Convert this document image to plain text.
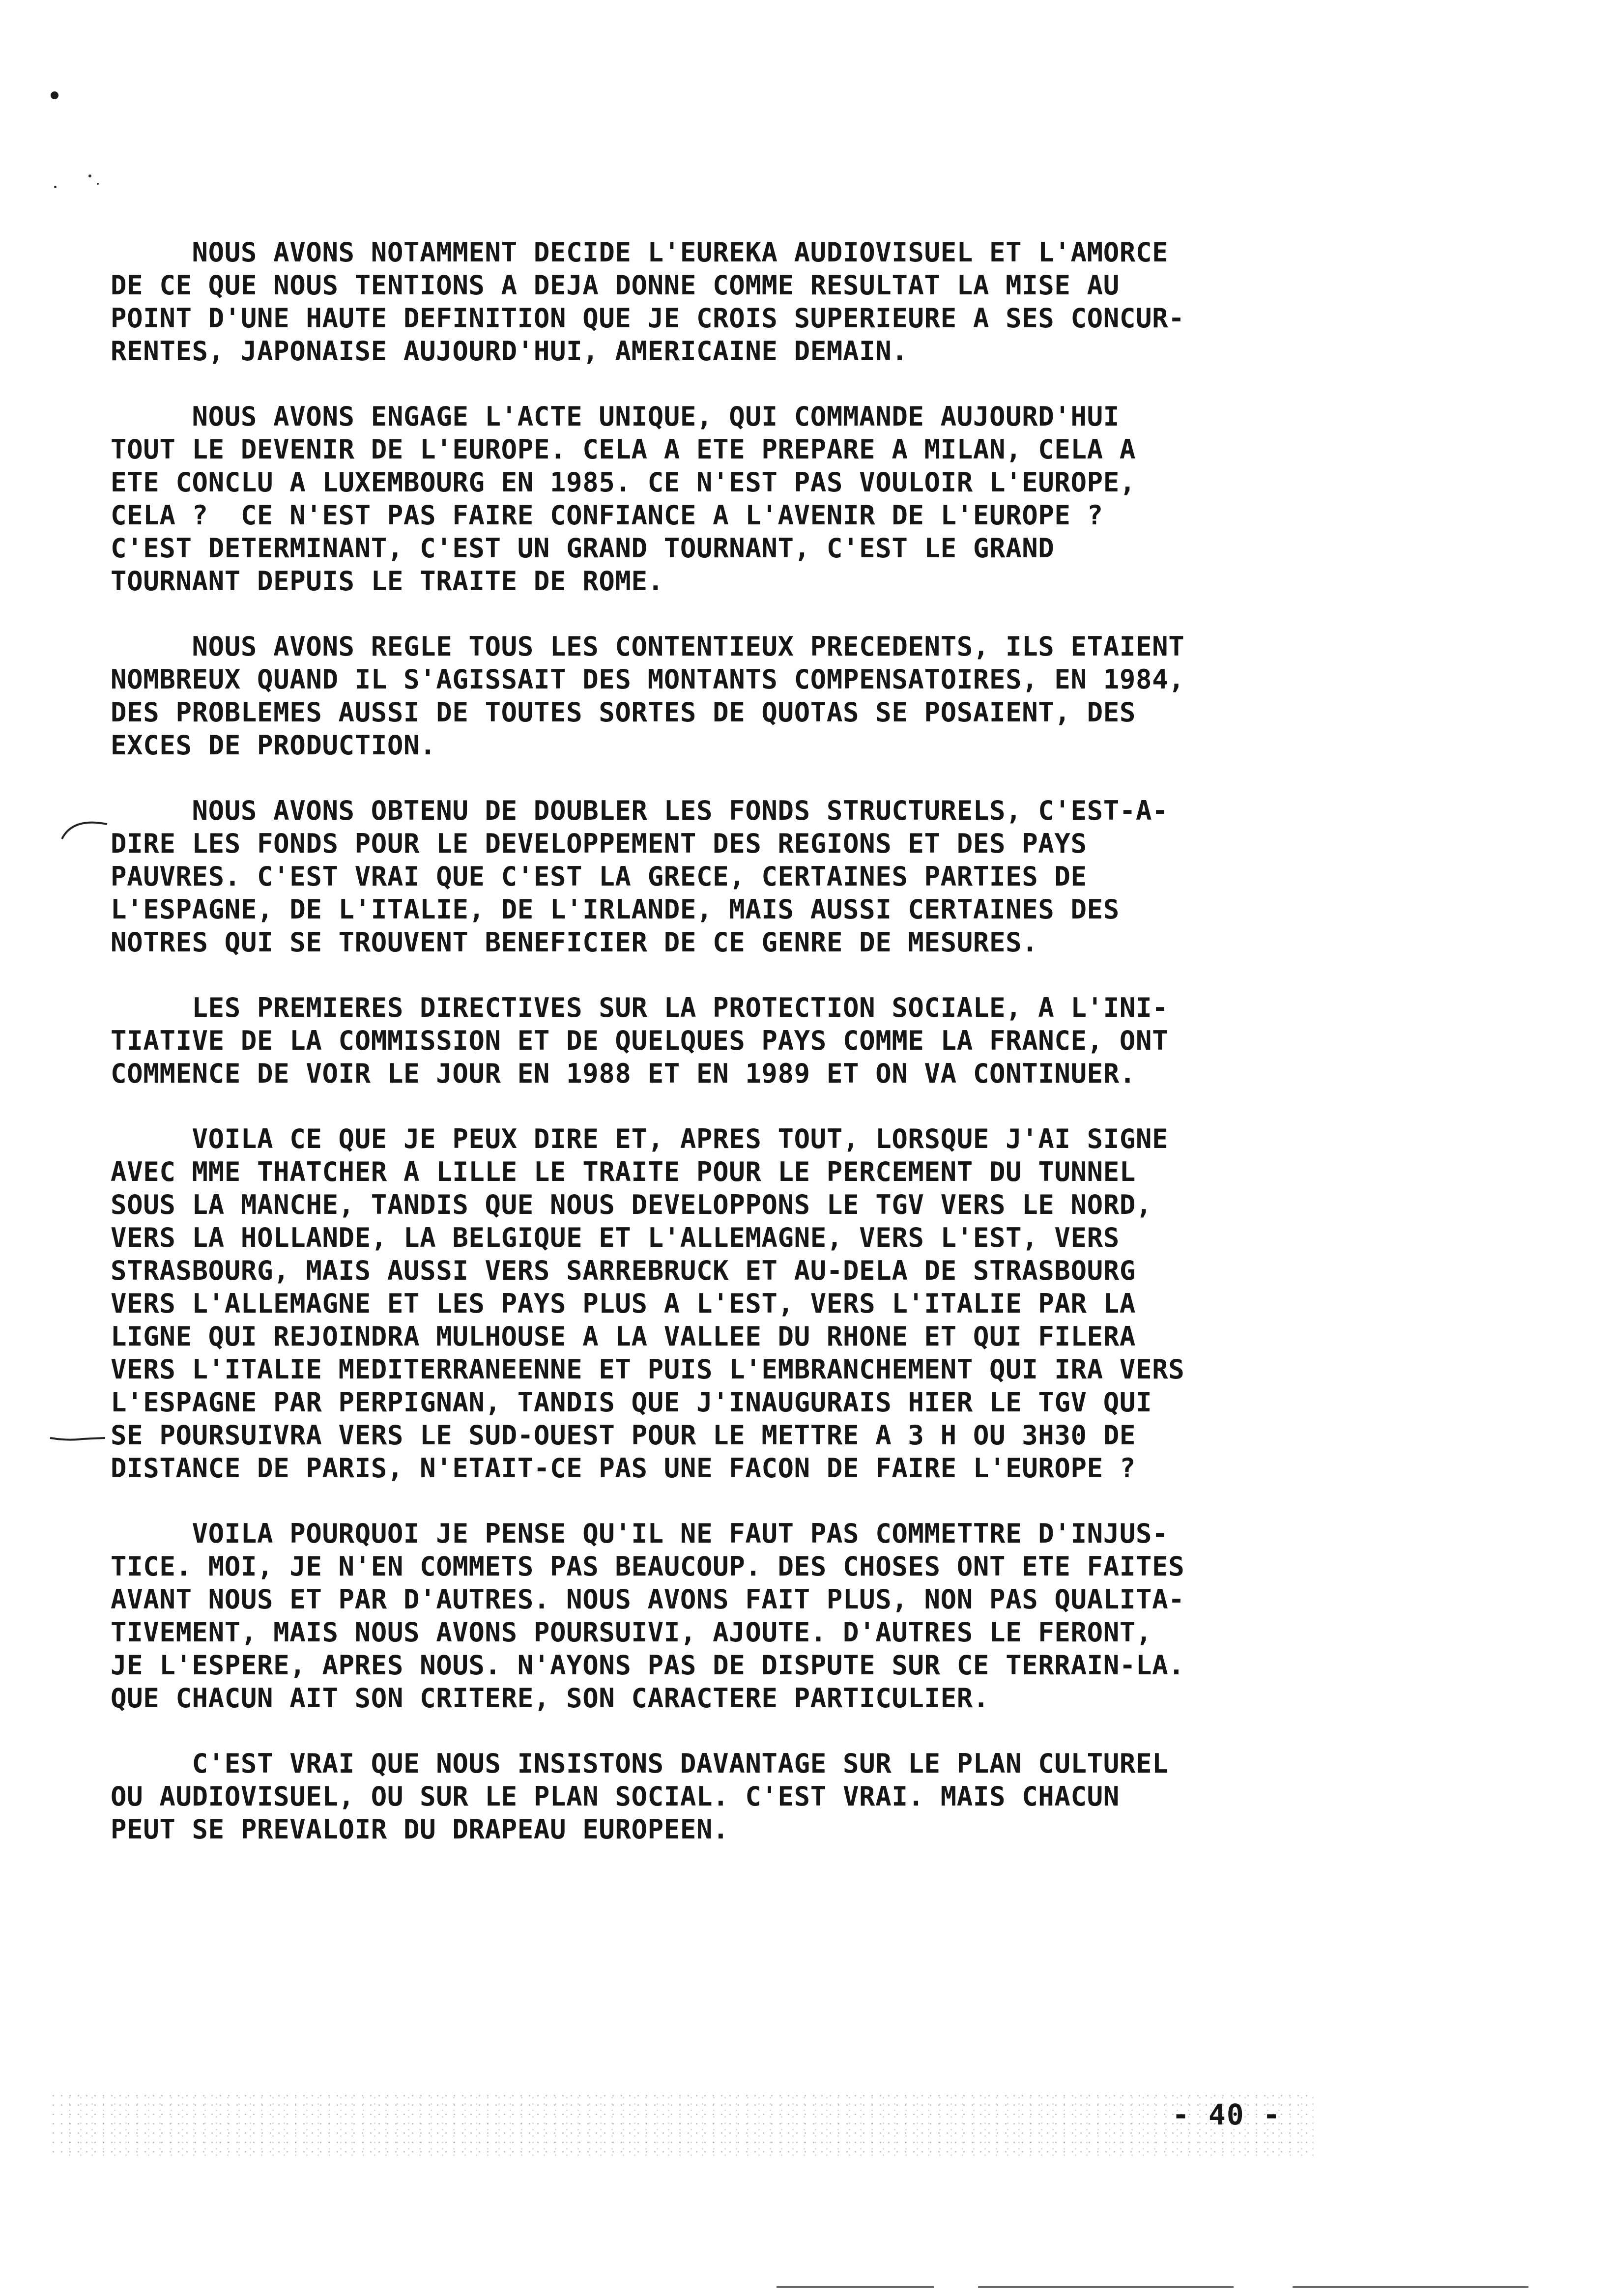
NOUS AVONS NOTAMMENT DECIDE L'EUREKA AUDIOVISUEL ET L'AMORCE
DE CE QUE NOUS TENTIONS A DEJA DONNE COMME RESULTAT LA MISE AU
POINT D'UNE HAUTE DEFINITION QUE JE CROIS SUPERIEURE A SES CONCUR-
RENTES, JAPONAISE AUJOURD'HUI, AMERICAINE DEMAIN.
NOUS AVONS ENGAGE L'ACTE UNIQUE, QUI COMMANDE AUJOURD'HUI
TOUT LE DEVENIR DE L'EUROPE. CELA A ETE PREPARE A MILAN, CELA A
ETE CONCLU A LUXEMBOURG EN 1985. CE N'EST PAS VOULOIR L'EUROPE,
CELA ?  CE N'EST PAS FAIRE CONFIANCE A L'AVENIR DE L'EUROPE ?
C'EST DETERMINANT, C'EST UN GRAND TOURNANT, C'EST LE GRAND
TOURNANT DEPUIS LE TRAITE DE ROME.
NOUS AVONS REGLE TOUS LES CONTENTIEUX PRECEDENTS, ILS ETAIENT
NOMBREUX QUAND IL S'AGISSAIT DES MONTANTS COMPENSATOIRES, EN 1984,
DES PROBLEMES AUSSI DE TOUTES SORTES DE QUOTAS SE POSAIENT, DES
EXCES DE PRODUCTION.
NOUS AVONS OBTENU DE DOUBLER LES FONDS STRUCTURELS, C'EST-A-
DIRE LES FONDS POUR LE DEVELOPPEMENT DES REGIONS ET DES PAYS
PAUVRES. C'EST VRAI QUE C'EST LA GRECE, CERTAINES PARTIES DE
L'ESPAGNE, DE L'ITALIE, DE L'IRLANDE, MAIS AUSSI CERTAINES DES
NOTRES QUI SE TROUVENT BENEFICIER DE CE GENRE DE MESURES.
LES PREMIERES DIRECTIVES SUR LA PROTECTION SOCIALE, A L'INI-
TIATIVE DE LA COMMISSION ET DE QUELQUES PAYS COMME LA FRANCE, ONT
COMMENCE DE VOIR LE JOUR EN 1988 ET EN 1989 ET ON VA CONTINUER.
VOILA CE QUE JE PEUX DIRE ET, APRES TOUT, LORSQUE J'AI SIGNE
AVEC MME THATCHER A LILLE LE TRAITE POUR LE PERCEMENT DU TUNNEL
SOUS LA MANCHE, TANDIS QUE NOUS DEVELOPPONS LE TGV VERS LE NORD,
VERS LA HOLLANDE, LA BELGIQUE ET L'ALLEMAGNE, VERS L'EST, VERS
STRASBOURG, MAIS AUSSI VERS SARREBRUCK ET AU-DELA DE STRASBOURG
VERS L'ALLEMAGNE ET LES PAYS PLUS A L'EST, VERS L'ITALIE PAR LA
LIGNE QUI REJOINDRA MULHOUSE A LA VALLEE DU RHONE ET QUI FILERA
VERS L'ITALIE MEDITERRANEENNE ET PUIS L'EMBRANCHEMENT QUI IRA VERS
L'ESPAGNE PAR PERPIGNAN, TANDIS QUE J'INAUGURAIS HIER LE TGV QUI
SE POURSUIVRA VERS LE SUD-OUEST POUR LE METTRE A 3 H OU 3H30 DE
DISTANCE DE PARIS, N'ETAIT-CE PAS UNE FACON DE FAIRE L'EUROPE ?
VOILA POURQUOI JE PENSE QU'IL NE FAUT PAS COMMETTRE D'INJUS-
TICE. MOI, JE N'EN COMMETS PAS BEAUCOUP. DES CHOSES ONT ETE FAITES
AVANT NOUS ET PAR D'AUTRES. NOUS AVONS FAIT PLUS, NON PAS QUALITA-
TIVEMENT, MAIS NOUS AVONS POURSUIVI, AJOUTE. D'AUTRES LE FERONT,
JE L'ESPERE, APRES NOUS. N'AYONS PAS DE DISPUTE SUR CE TERRAIN-LA.
QUE CHACUN AIT SON CRITERE, SON CARACTERE PARTICULIER.
C'EST VRAI QUE NOUS INSISTONS DAVANTAGE SUR LE PLAN CULTUREL
OU AUDIOVISUEL, OU SUR LE PLAN SOCIAL. C'EST VRAI. MAIS CHACUN
PEUT SE PREVALOIR DU DRAPEAU EUROPEEN.
- 40 -
